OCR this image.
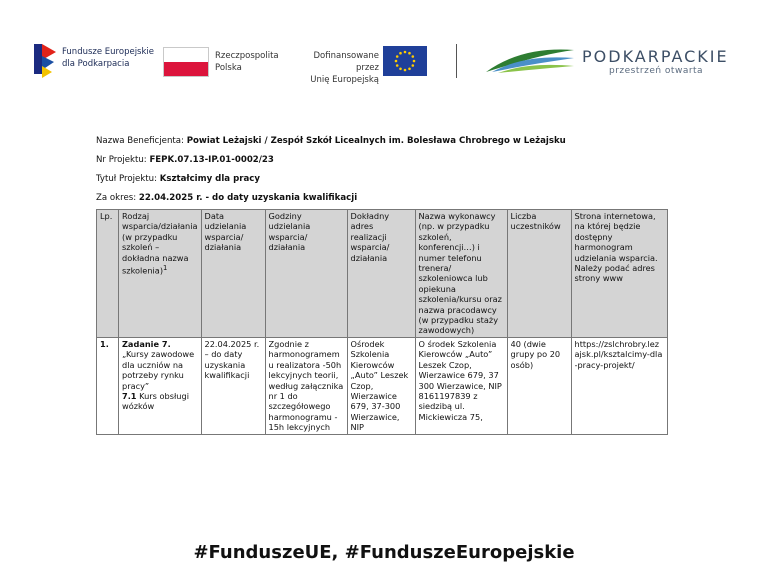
Fundusze Europejskie
dla Podkarpacia
Rzeczpospolita
Polska
Dofinansowane przez
Unię Europejską
PODKARPACKIE
przestrzeń otwarta
Nazwa Beneficjenta: Powiat Leżajski / Zespół Szkół Licealnych im. Bolesława Chrobrego w Leżajsku
Nr Projektu: FEPK.07.13-IP.01-0002/23
Tytuł Projektu: Kształcimy dla pracy
Za okres: 22.04.2025 r. - do daty uzyskania kwalifikacji
Lp.	Rodzaj wsparcia/działania (w przypadku szkoleń – dokładna nazwa szkolenia)$^1$	Data udzielania wsparcia/ działania	Godziny udzielania wsparcia/ działania	Dokładny adres realizacji wsparcia/ działania	Nazwa wykonawcy (np. w przypadku szkoleń, konferencji…) i numer telefonu trenera/ szkoleniowca lub opiekuna szkolenia/kursu oraz nazwa pracodawcy (w przypadku staży zawodowych)	Liczba uczestników	Strona internetowa, na której będzie dostępny harmonogram udzielania wsparcia. Należy podać adres strony www
1.	Zadanie 7.
„Kursy zawodowe dla uczniów na potrzeby rynku pracy”
7.1 Kurs obsługi wózków	22.04.2025 r. – do daty uzyskania kwalifikacji	Zgodnie z harmonogramem u realizatora -50h lekcyjnych teorii, według załącznika nr 1 do szczegółowego harmonogramu - 15h lekcyjnych	Ośrodek Szkolenia Kierowców „Auto” Leszek Czop, Wierzawice 679, 37-300 Wierzawice, NIP	O środek Szkolenia Kierowców „Auto” Leszek Czop, Wierzawice 679, 37 300 Wierzawice, NIP 8161197839 z siedzibą ul. Mickiewicza 75,	40 (dwie grupy po 20 osób)	https://zslchrobry.lezajsk.pl/ksztalcimy-dla-pracy-projekt/
#FunduszeUE, #FunduszeEuropejskie
